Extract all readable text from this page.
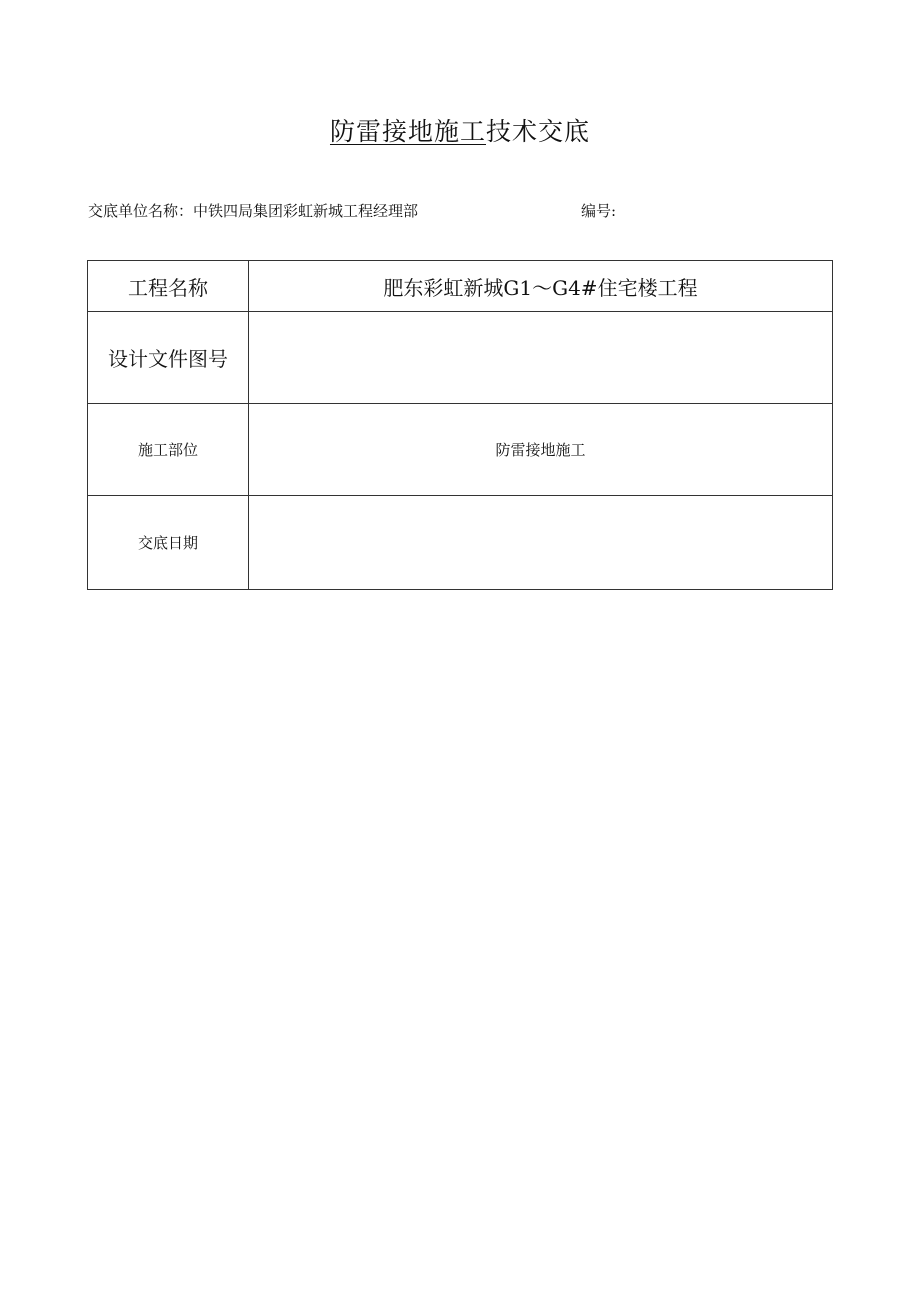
防雷接地施工技术交底
交底单位名称：中铁四局集团彩虹新城工程经理部	编号:
工程名称	肥东彩虹新城G1～G4#住宅楼工程
设计文件图号	
施工部位	防雷接地施工
交底日期	
